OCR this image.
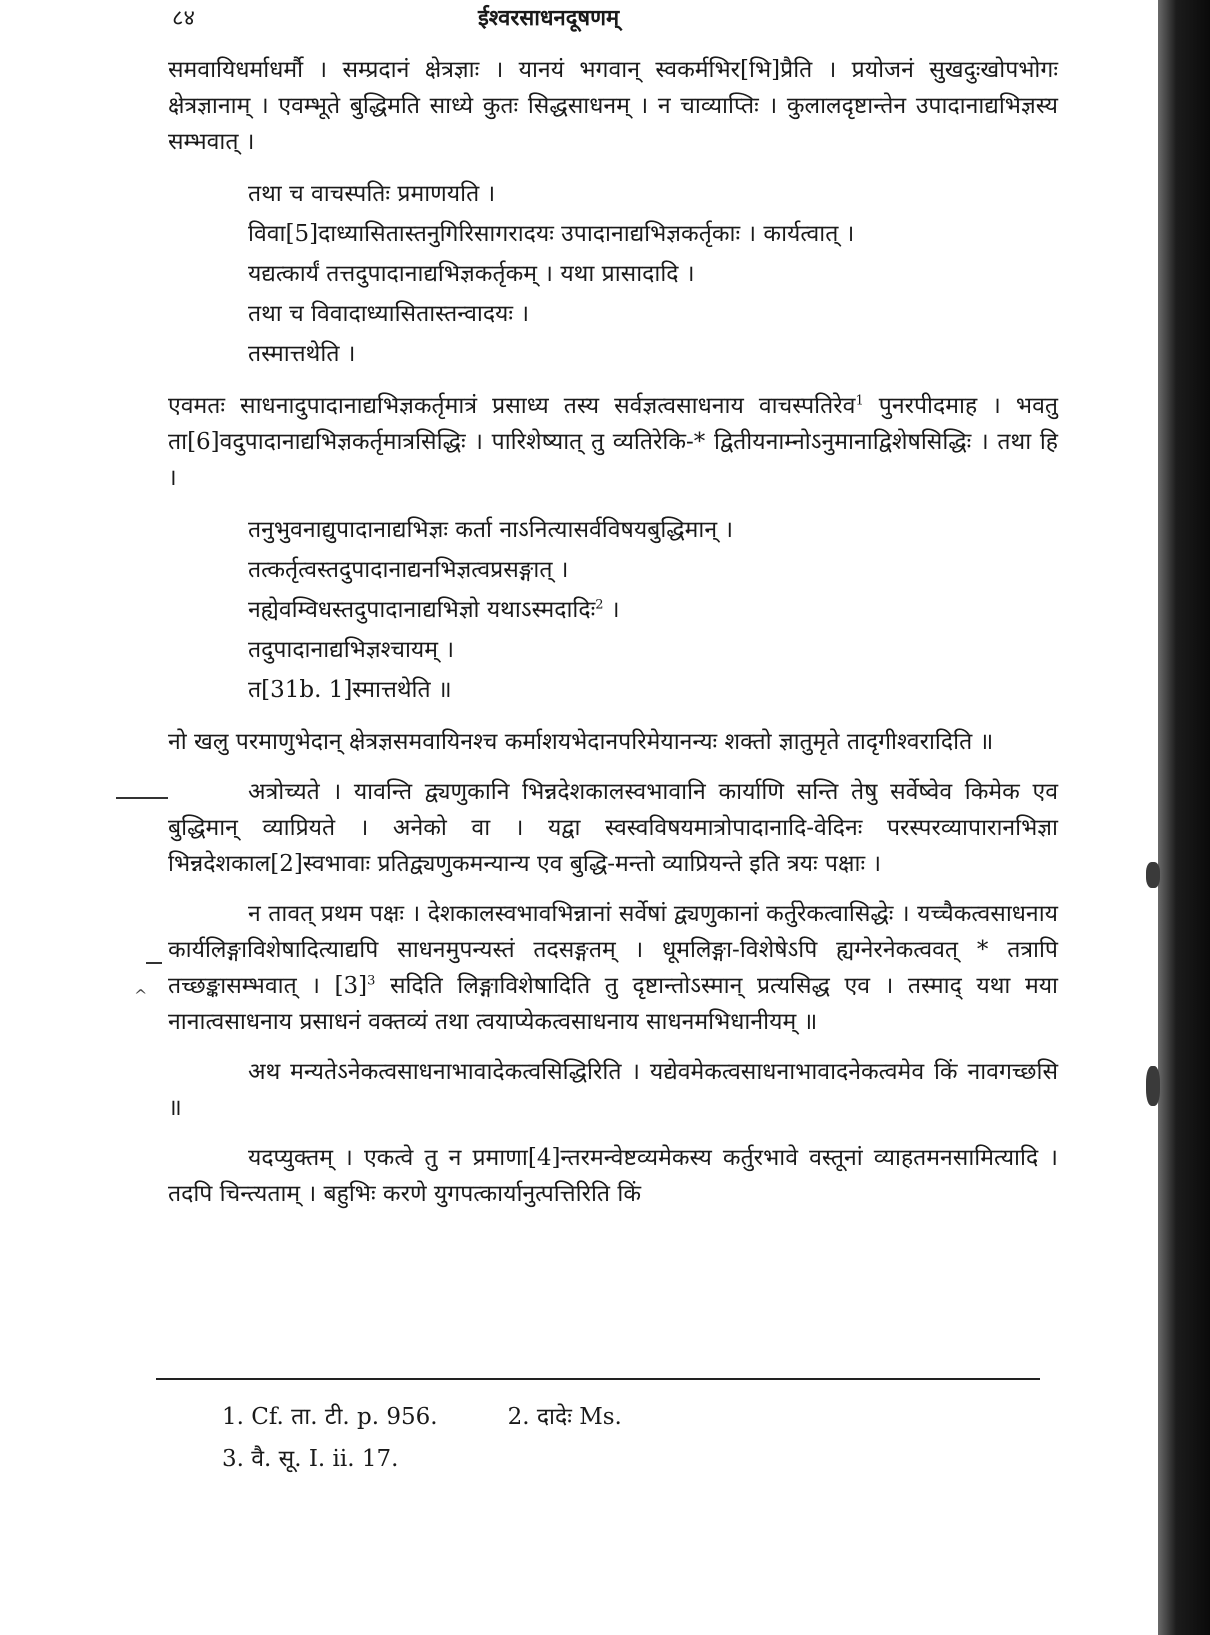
८४	ईश्वरसाधनदूषणम्

समवायिधर्माधर्मौ । सम्प्रदानं क्षेत्रज्ञाः । यानयं भगवान् स्वकर्मभिर[भि]प्रैति । प्रयोजनं सुखदुःखोपभोगः क्षेत्रज्ञानाम् । एवम्भूते बुद्धिमति साध्ये कुतः सिद्धसाधनम् । न चाव्याप्तिः । कुलालदृष्टान्तेन उपादानाद्यभिज्ञस्य सम्भवात् ।

तथा च वाचस्पतिः प्रमाणयति ।

विवा[5]दाध्यासितास्तनुगिरिसागरादयः उपादानाद्यभिज्ञकर्तृकाः । कार्यत्वात् ।

यद्यत्कार्यं तत्तदुपादानाद्यभिज्ञकर्तृकम् । यथा प्रासादादि ।

तथा च विवादाध्यासितास्तन्वादयः ।

तस्मात्तथेति ।

एवमतः साधनादुपादानाद्यभिज्ञकर्तृमात्रं प्रसाध्य तस्य सर्वज्ञत्वसाधनाय वाचस्पतिरेव$^1$ पुनरपीदमाह । भवतु ता[6]वदुपादानाद्यभिज्ञकर्तृमात्रसिद्धिः । पारिशेष्यात् तु व्यतिरेकि-* द्वितीयनाम्नोऽनुमानाद्विशेषसिद्धिः । तथा हि ।

तनुभुवनाद्युपादानाद्यभिज्ञः कर्ता नाऽनित्यासर्वविषयबुद्धिमान् ।

तत्कर्तृत्वस्तदुपादानाद्यनभिज्ञत्वप्रसङ्गात् ।

नह्येवम्विधस्तदुपादानाद्यभिज्ञो यथाऽस्मदादिः$^2$ ।

तदुपादानाद्यभिज्ञश्चायम् ।

त[31b. 1]स्मात्तथेति ॥

नो खलु परमाणुभेदान् क्षेत्रज्ञसमवायिनश्च कर्माशयभेदानपरिमेयानन्यः शक्तो ज्ञातुमृते तादृगीश्वरादिति ॥

अत्रोच्यते । यावन्ति द्व्यणुकानि भिन्नदेशकालस्वभावानि कार्याणि सन्ति तेषु सर्वेष्वेव किमेक एव बुद्धिमान् व्याप्रियते । अनेको वा । यद्वा स्वस्वविषयमात्रोपादानादि-वेदिनः परस्परव्यापारानभिज्ञा भिन्नदेशकाल[2]स्वभावाः प्रतिद्व्यणुकमन्यान्य एव बुद्धि-मन्तो व्याप्रियन्ते इति त्रयः पक्षाः ।

न तावत् प्रथम पक्षः । देशकालस्वभावभिन्नानां सर्वेषां द्व्यणुकानां कर्तुरेकत्वासिद्धेः । यच्चैकत्वसाधनाय कार्यलिङ्गाविशेषादित्याद्यपि साधनमुपन्यस्तं तदसङ्गतम् । धूमलिङ्गा-विशेषेऽपि ह्यग्नेरनेकत्ववत् * तत्रापि तच्छङ्कासम्भवात् । $[3]^3$ सदिति लिङ्गाविशेषादिति तु दृष्टान्तोऽस्मान् प्रत्यसिद्ध एव । तस्माद् यथा मया नानात्वसाधनाय प्रसाधनं वक्तव्यं तथा त्वयाप्येकत्वसाधनाय साधनमभिधानीयम् ॥

अथ मन्यतेऽनेकत्वसाधनाभावादेकत्वसिद्धिरिति । यद्येवमेकत्वसाधनाभावादनेकत्वमेव किं नावगच्छसि ॥

यदप्युक्तम् । एकत्वे तु न प्रमाणा[4]न्तरमन्वेष्टव्यमेकस्य कर्तुरभावे वस्तूनां व्याहतमनसामित्यादि । तदपि चिन्त्यताम् । बहुभिः करणे युगपत्कार्यानुत्पत्तिरिति किं

1. Cf. ता. टी. p. 956.	2. दादेः Ms.

3. वै. सू. I. ii. 17.

^
